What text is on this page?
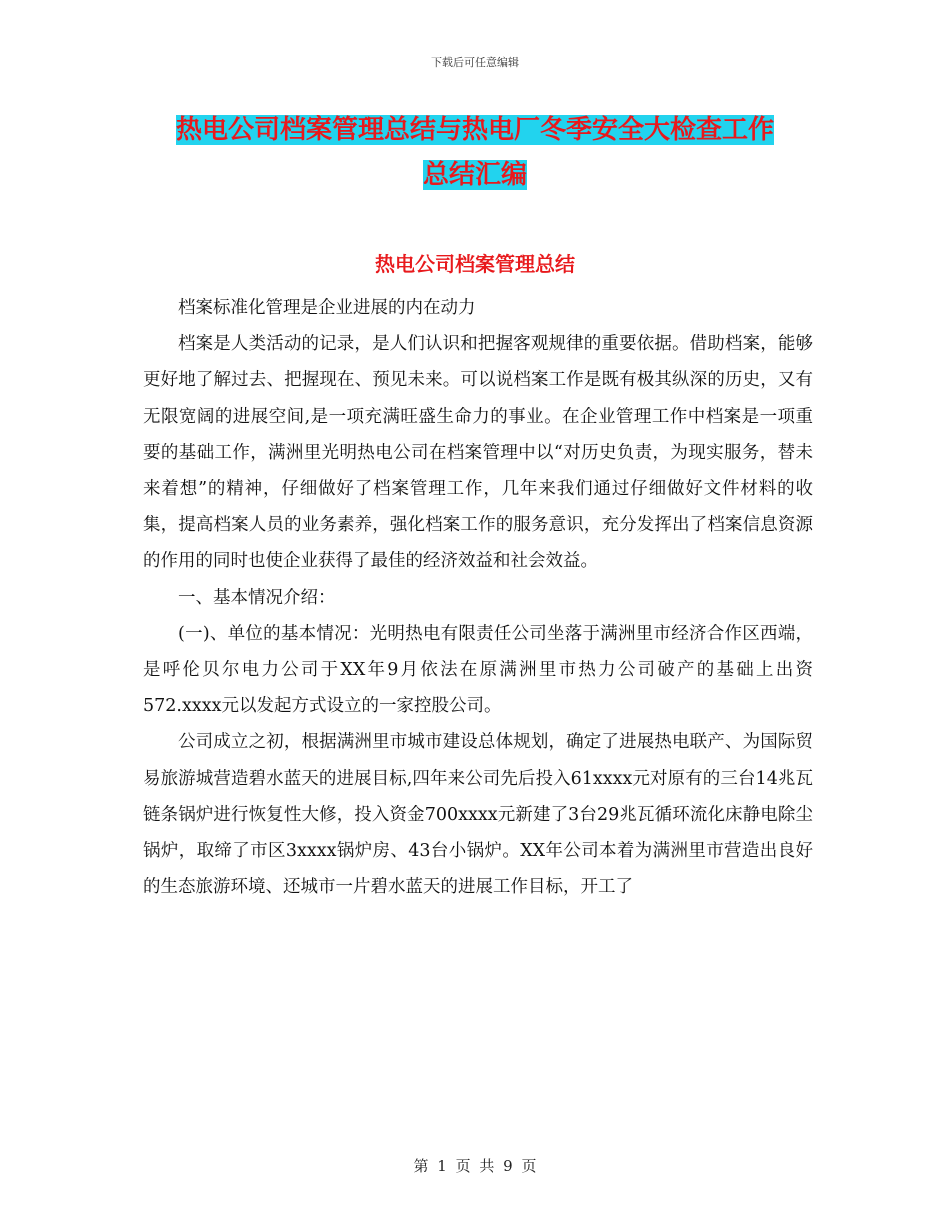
下载后可任意编辑
热电公司档案管理总结与热电厂冬季安全大检查工作
总结汇编
热电公司档案管理总结

档案标准化管理是企业进展的内在动力

档案是人类活动的记录，是人们认识和把握客观规律的重要依据。借助档案，能够更好地了解过去、把握现在、预见未来。可以说档案工作是既有极其纵深的历史，又有无限宽阔的进展空间,是一项充满旺盛生命力的事业。在企业管理工作中档案是一项重要的基础工作，满洲里光明热电公司在档案管理中以“对历史负责，为现实服务，替未来着想”的精神，仔细做好了档案管理工作，几年来我们通过仔细做好文件材料的收集，提高档案人员的业务素养，强化档案工作的服务意识，充分发挥出了档案信息资源的作用的同时也使企业获得了最佳的经济效益和社会效益。

一、基本情况介绍：

(一)、单位的基本情况：光明热电有限责任公司坐落于满洲里市经济合作区西端，是呼伦贝尔电力公司于XX年9月依法在原满洲里市热力公司破产的基础上出资572.xxxx元以发起方式设立的一家控股公司。

公司成立之初，根据满洲里市城市建设总体规划，确定了进展热电联产、为国际贸易旅游城营造碧水蓝天的进展目标,四年来公司先后投入61xxxx元对原有的三台14兆瓦链条锅炉进行恢复性大修，投入资金700xxxx元新建了3台29兆瓦循环流化床静电除尘锅炉，取缔了市区3xxxx锅炉房、43台小锅炉。XX年公司本着为满洲里市营造出良好的生态旅游环境、还城市一片碧水蓝天的进展工作目标，开工了

第 1 页 共 9 页
